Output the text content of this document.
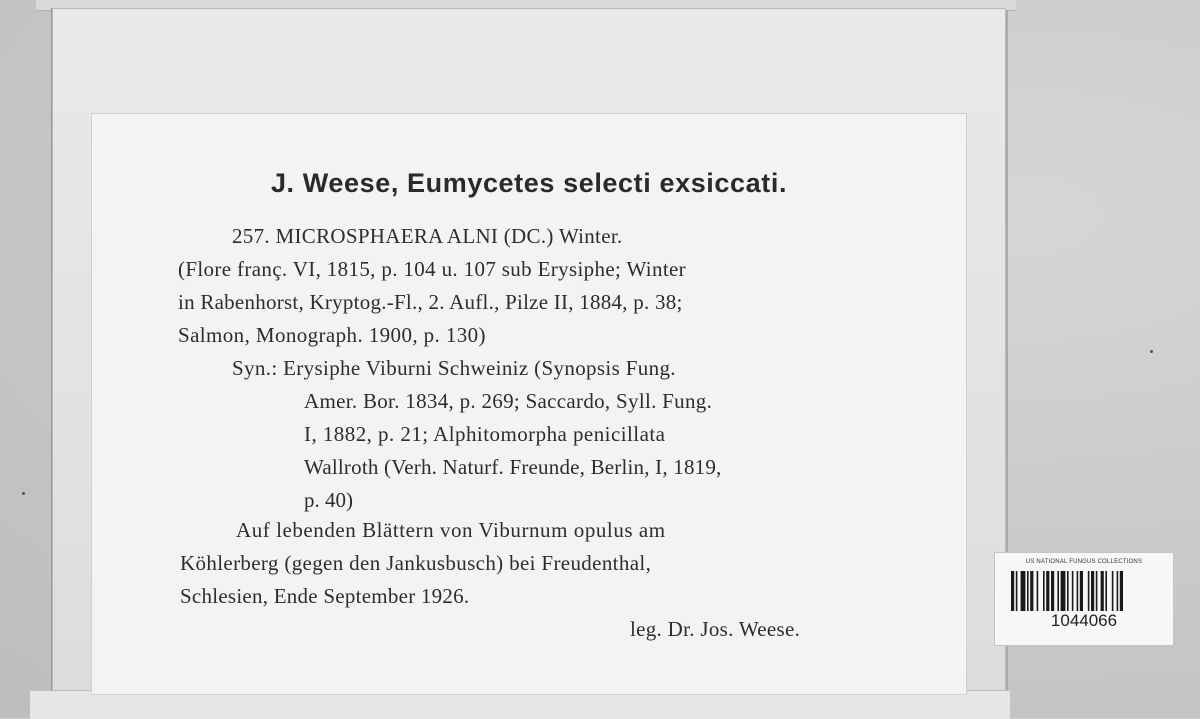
J. Weese, Eumycetes selecti exsiccati.
257. MICROSPHAERA ALNI (DC.) Winter.
(Flore franç. VI, 1815, p. 104 u. 107 sub Erysiphe; Winter
in Rabenhorst, Kryptog.-Fl., 2. Aufl., Pilze II, 1884, p. 38;
Salmon, Monograph. 1900, p. 130)
Syn.: Erysiphe Viburni Schweiniz (Synopsis Fung.
Amer. Bor. 1834, p. 269; Saccardo, Syll. Fung.
I, 1882, p. 21; Alphitomorpha penicillata
Wallroth (Verh. Naturf. Freunde, Berlin, I, 1819,
p. 40)
Auf lebenden Blättern von Viburnum opulus am
Köhlerberg (gegen den Jankusbusch) bei Freudenthal,
Schlesien, Ende September 1926.
leg. Dr. Jos. Weese.
US NATIONAL FUNGUS COLLECTIONS
1044066
